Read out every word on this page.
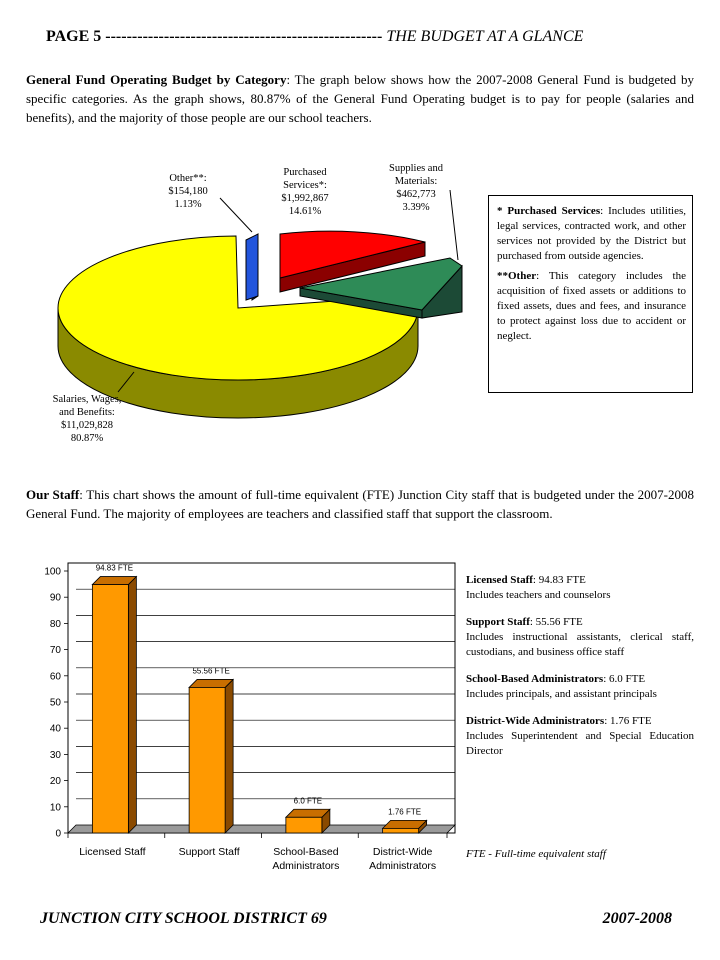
PAGE 5 ---------------------------------------------------- THE BUDGET AT A GLANCE
General Fund Operating Budget by Category: The graph below shows how the 2007-2008 General Fund is budgeted by specific categories. As the graph shows, 80.87% of the General Fund Operating budget is to pay for people (salaries and benefits), and the majority of those people are our school teachers.
Other**:
$154,180
1.13%
Purchased
Services*:
$1,992,867
14.61%
Supplies and
Materials:
$462,773
3.39%
Salaries, Wages,
and Benefits:
$11,029,828
80.87%

* Purchased Services: Includes utilities, legal services, contracted work, and other services not provided by the District but purchased from outside agencies.

**Other: This category includes the acquisition of fixed assets or additions to fixed assets, dues and fees, and insurance to protect against loss due to accident or neglect.

Our Staff: This chart shows the amount of full-time equivalent (FTE) Junction City staff that is budgeted under the 2007-2008 General Fund. The majority of employees are teachers and classified staff that support the classroom.
0
10
20
30
40
50
60
70
80
90
100	94.83 FTE
55.56 FTE
6.0 FTE
1.76 FTE
Licensed Staff	Support Staff	School-Based
Administrators
District-Wide
Administrators
Licensed Staff: 94.83 FTE
Includes teachers and counselors
Support Staff: 55.56 FTE
Includes instructional assistants, clerical staff, custodians, and business office staff
School-Based Administrators: 6.0 FTE
Includes principals, and assistant principals
District-Wide Administrators: 1.76 FTE
Includes Superintendent and Special Education Director
FTE - Full-time equivalent staff
JUNCTION CITY SCHOOL DISTRICT 69	2007-2008
